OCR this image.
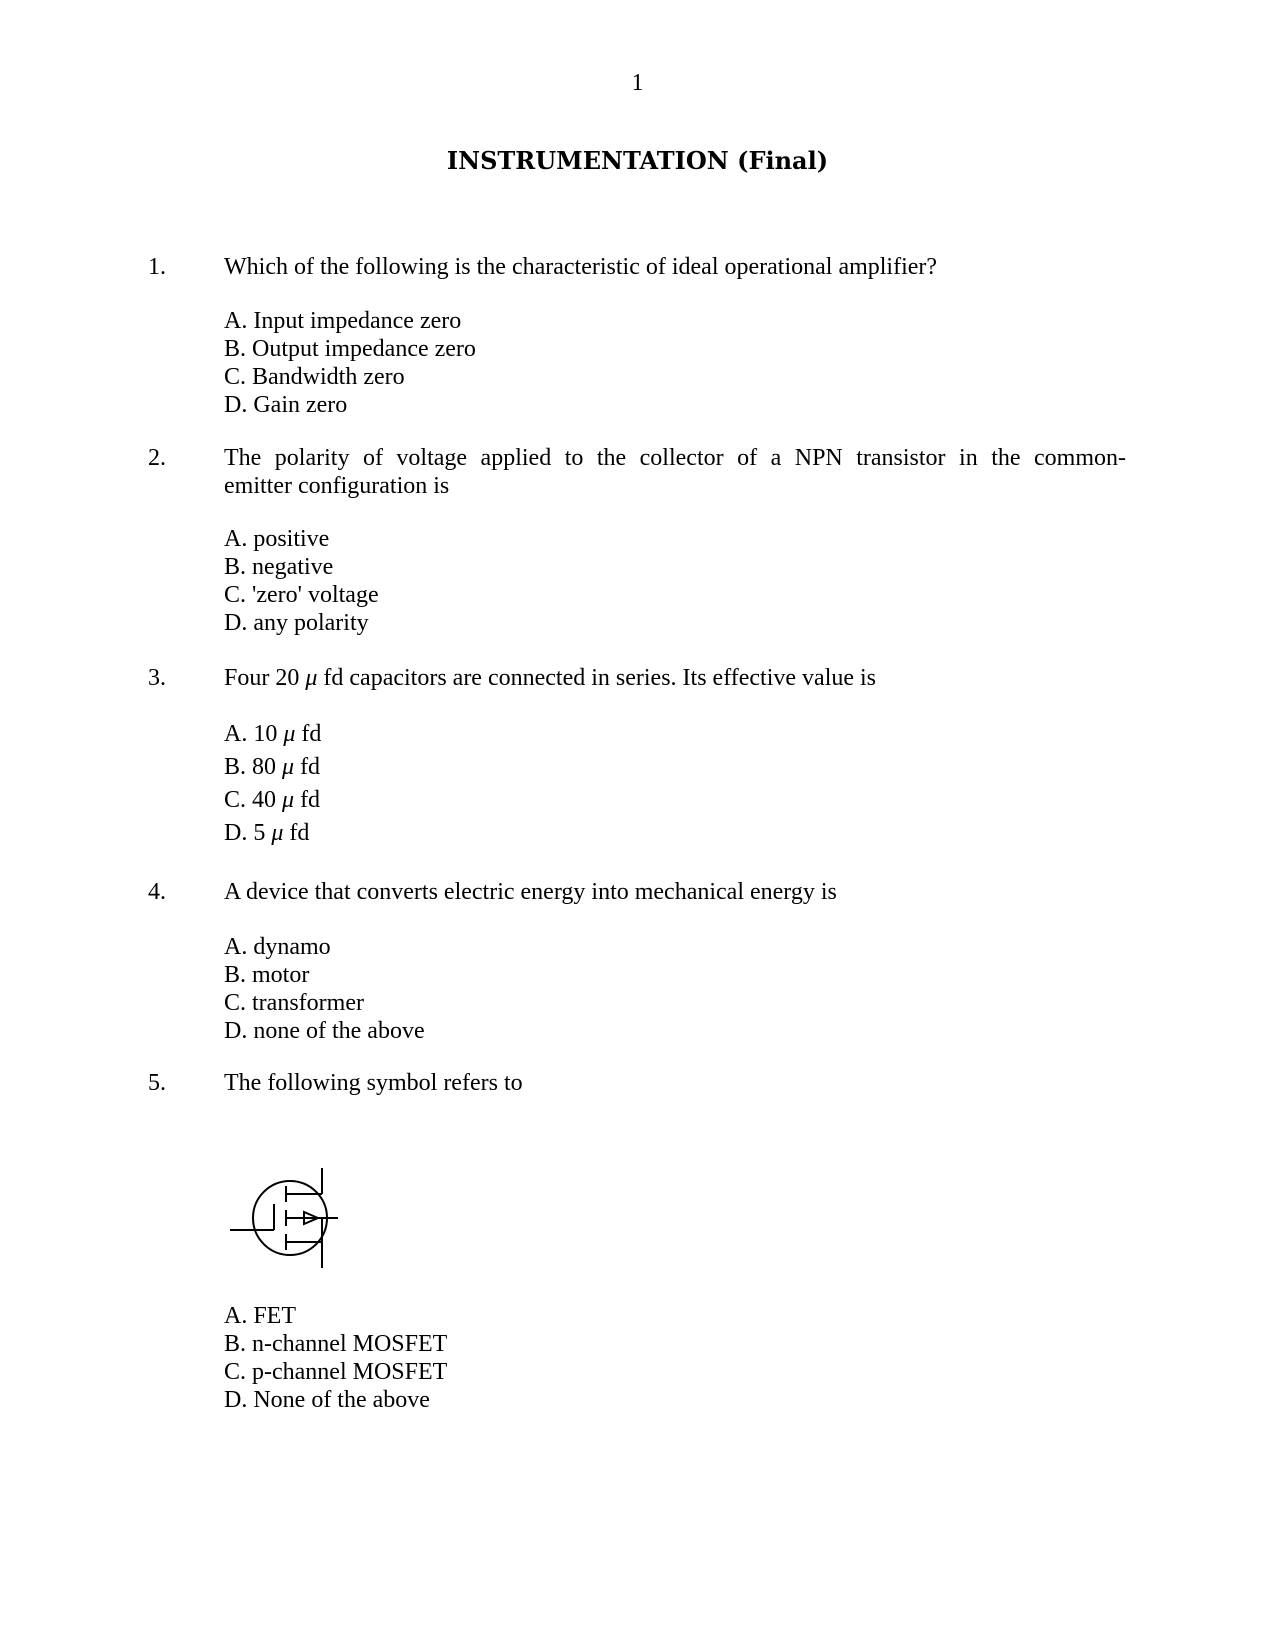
1
INSTRUMENTATION (Final)
1. Which of the following is the characteristic of ideal operational amplifier?
A. Input impedance zero
B. Output impedance zero
C. Bandwidth zero
D. Gain zero
2. The polarity of voltage applied to the collector of a NPN transistor in the common-
emitter configuration is
A. positive
B. negative
C. 'zero' voltage
D. any polarity
3. Four 20 μ fd capacitors are connected in series. Its effective value is
A. 10 μ fd
B. 80 μ fd
C. 40 μ fd
D. 5 μ fd
4. A device that converts electric energy into mechanical energy is
A. dynamo
B. motor
C. transformer
D. none of the above
5. The following symbol refers to
A. FET
B. n-channel MOSFET
C. p-channel MOSFET
D. None of the above
